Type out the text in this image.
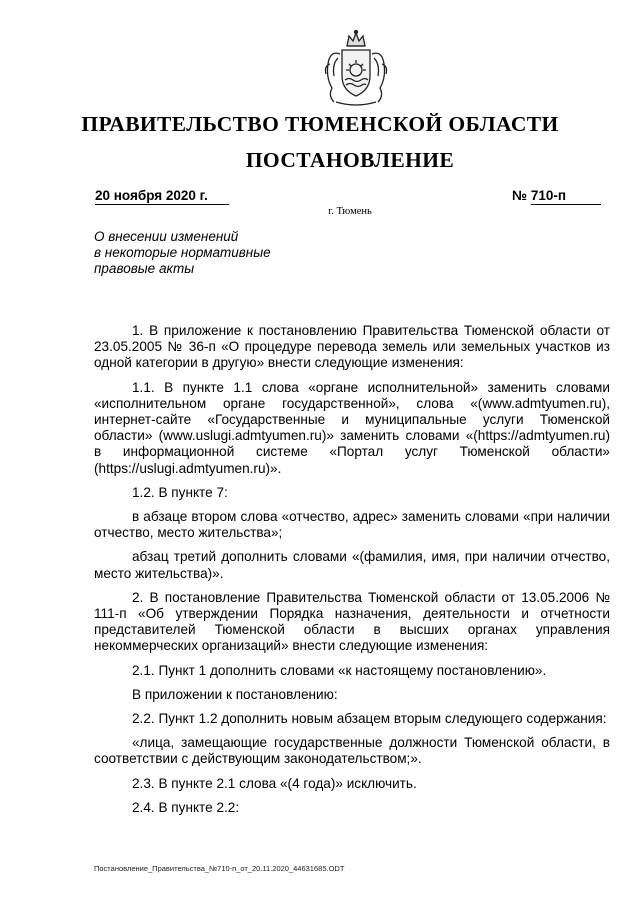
ПРАВИТЕЛЬСТВО ТЮМЕНСКОЙ ОБЛАСТИ
ПОСТАНОВЛЕНИЕ
20 ноября 2020 г.	№ 710-п
г. Тюмень
О внесении изменений
в некоторые нормативные
правовые акты

1. В приложение к постановлению Правительства Тюменской области от 23.05.2005 № 36-п «О процедуре перевода земель или земельных участков из одной категории в другую» внести следующие изменения:

1.1. В пункте 1.1 слова «органе исполнительной» заменить словами «исполнительном органе государственной», слова «(www.admtyumen.ru), интернет-сайте «Государственные и муниципальные услуги Тюменской области» (www.uslugi.admtyumen.ru)» заменить словами «(https://admtyumen.ru) в информационной системе «Портал услуг Тюменской области» (https://uslugi.admtyumen.ru)».

1.2. В пункте 7:

в абзаце втором слова «отчество, адрес» заменить словами «при наличии отчество, место жительства»;

абзац третий дополнить словами «(фамилия, имя, при наличии отчество, место жительства)».

2. В постановление Правительства Тюменской области от 13.05.2006 № 111-п «Об утверждении Порядка назначения, деятельности и отчетности представителей Тюменской области в высших органах управления некоммерческих организаций» внести следующие изменения:

2.1. Пункт 1 дополнить словами «к настоящему постановлению».

В приложении к постановлению:

2.2. Пункт 1.2 дополнить новым абзацем вторым следующего содержания:

«лица, замещающие государственные должности Тюменской области, в соответствии с действующим законодательством;».

2.3. В пункте 2.1 слова «(4 года)» исключить.

2.4. В пункте 2.2:

Постановление_Правительства_№710-п_от_20.11.2020_44631685.ODT
